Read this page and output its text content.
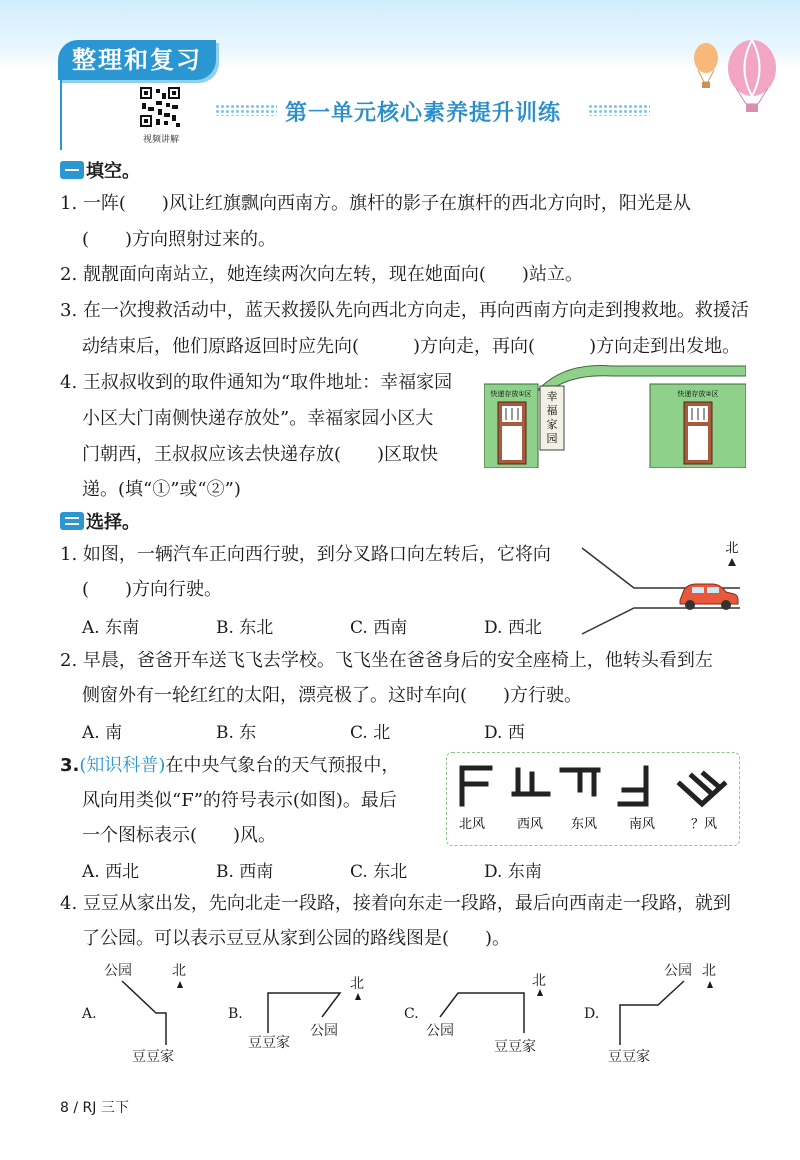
整理和复习
视频讲解
第一单元核心素养提升训练
填空。
1. 一阵(　　)风让红旗飘向西南方。旗杆的影子在旗杆的西北方向时，阳光是从
(　　)方向照射过来的。
2. 靓靓面向南站立，她连续两次向左转，现在她面向(　　)站立。
3. 在一次搜救活动中，蓝天救援队先向西北方向走，再向西南方向走到搜救地。救援活
动结束后，他们原路返回时应先向(　　　)方向走，再向(　　　)方向走到出发地。
4. 王叔叔收到的取件通知为“取件地址：幸福家园
小区大门南侧快递存放处”。幸福家园小区大
门朝西，王叔叔应该去快递存放(　　)区取快
递。(填“①”或“②”)
幸
福
家
园
快递存放①区	快递存放②区
选择。
1. 如图，一辆汽车正向西行驶，到分叉路口向左转后，它将向
(　　)方向行驶。
A. 东南	B. 东北	C. 西南	D. 西北
北
2. 早晨，爸爸开车送飞飞去学校。飞飞坐在爸爸身后的安全座椅上，他转头看到左
侧窗外有一轮红红的太阳，漂亮极了。这时车向(　　)方行驶。
A. 南	B. 东	C. 北	D. 西
3.(知识科普)在中央气象台的天气预报中，
风向用类似“F”的符号表示(如图)。最后
一个图标表示(　　)风。
北风 西风 东风 南风	？风
A. 西北	B. 西南	C. 东北	D. 东南
4. 豆豆从家出发，先向北走一段路，接着向东走一段路，最后向西南走一段路，就到
了公园。可以表示豆豆从家到公园的路线图是(　　)。
A.
公园	北
豆豆家
B.
北
公园
豆豆家
C.
北
公园
豆豆家
D.
公园 北
豆豆家
8 / RJ 三下
